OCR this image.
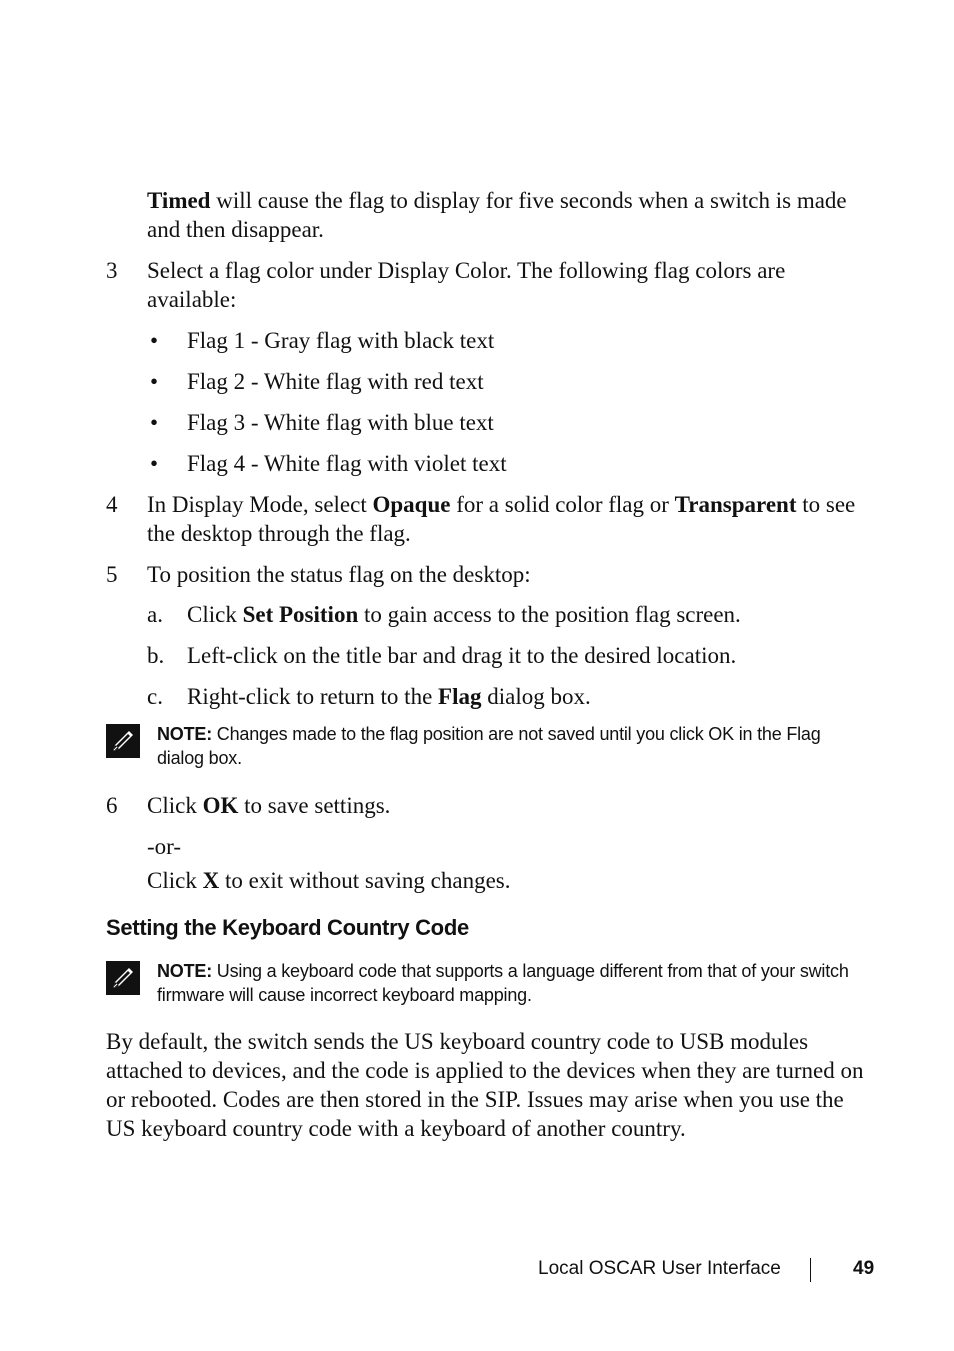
Timed will cause the flag to display for five seconds when a switch is made and then disappear.
3 Select a flag color under Display Color. The following flag colors are available:
• Flag 1 - Gray flag with black text
• Flag 2 - White flag with red text
• Flag 3 - White flag with blue text
• Flag 4 - White flag with violet text
4 In Display Mode, select Opaque for a solid color flag or Transparent to see the desktop through the flag.
5 To position the status flag on the desktop:
a. Click Set Position to gain access to the position flag screen.
b. Left-click on the title bar and drag it to the desired location.
c. Right-click to return to the Flag dialog box.
NOTE: Changes made to the flag position are not saved until you click OK in the Flag dialog box.
6 Click OK to save settings.
-or-
Click X to exit without saving changes.
Setting the Keyboard Country Code
NOTE: Using a keyboard code that supports a language different from that of your switch firmware will cause incorrect keyboard mapping.
By default, the switch sends the US keyboard country code to USB modules attached to devices, and the code is applied to the devices when they are turned on or rebooted. Codes are then stored in the SIP. Issues may arise when you use the US keyboard country code with a keyboard of another country.
Local OSCAR User Interface	49
